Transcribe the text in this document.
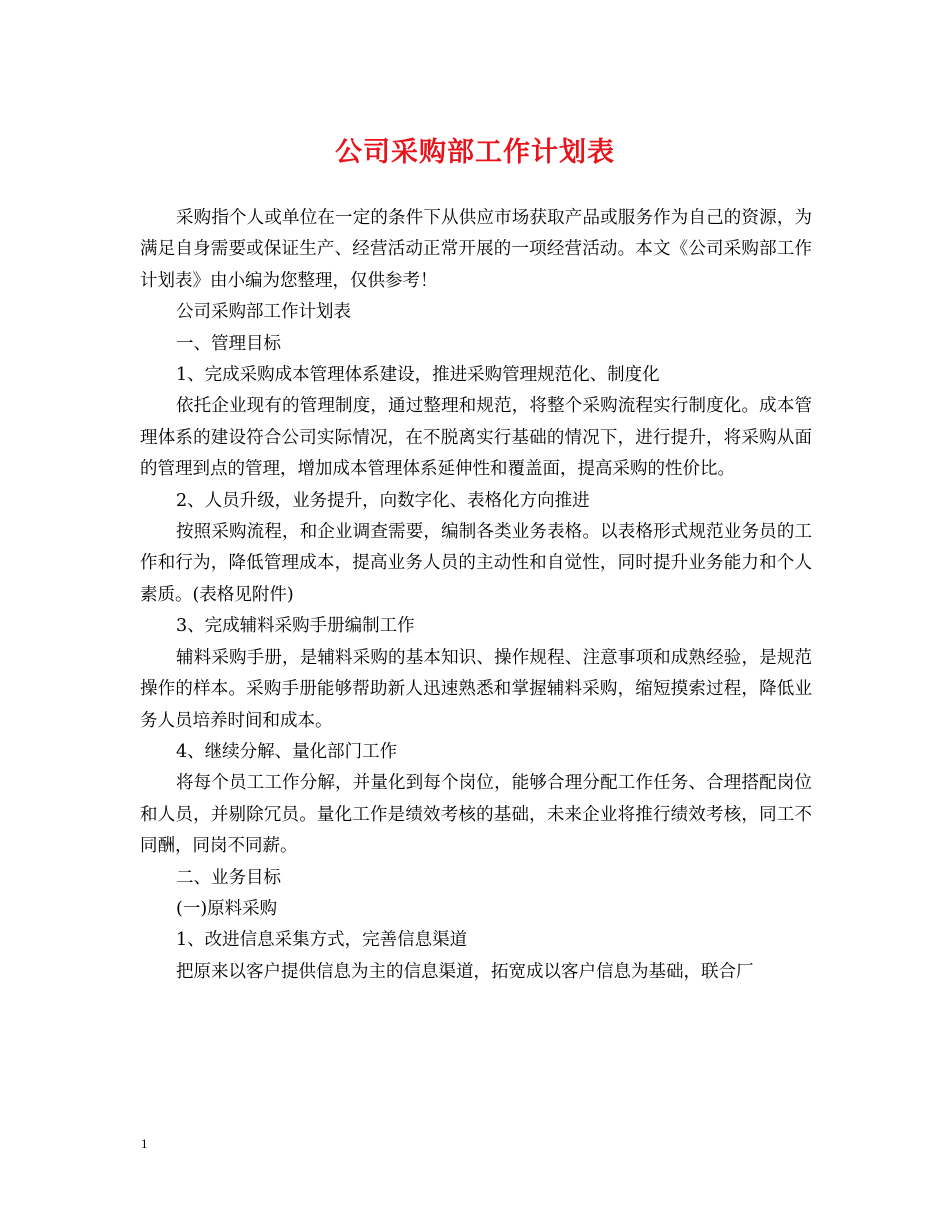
公司采购部工作计划表

采购指个人或单位在一定的条件下从供应市场获取产品或服务作为自己的资源，为满足自身需要或保证生产、经营活动正常开展的一项经营活动。本文《公司采购部工作计划表》由小编为您整理，仅供参考！

公司采购部工作计划表

一、管理目标

1、完成采购成本管理体系建设，推进采购管理规范化、制度化

依托企业现有的管理制度，通过整理和规范，将整个采购流程实行制度化。成本管理体系的建设符合公司实际情况，在不脱离实行基础的情况下，进行提升，将采购从面的管理到点的管理，增加成本管理体系延伸性和覆盖面，提高采购的性价比。

2、人员升级，业务提升，向数字化、表格化方向推进

按照采购流程，和企业调查需要，编制各类业务表格。以表格形式规范业务员的工作和行为，降低管理成本，提高业务人员的主动性和自觉性，同时提升业务能力和个人素质。(表格见附件)

3、完成辅料采购手册编制工作

辅料采购手册，是辅料采购的基本知识、操作规程、注意事项和成熟经验，是规范操作的样本。采购手册能够帮助新人迅速熟悉和掌握辅料采购，缩短摸索过程，降低业务人员培养时间和成本。

4、继续分解、量化部门工作

将每个员工工作分解，并量化到每个岗位，能够合理分配工作任务、合理搭配岗位和人员，并剔除冗员。量化工作是绩效考核的基础，未来企业将推行绩效考核，同工不同酬，同岗不同薪。

二、业务目标

(一)原料采购

1、改进信息采集方式，完善信息渠道

把原来以客户提供信息为主的信息渠道，拓宽成以客户信息为基础，联合厂

1
